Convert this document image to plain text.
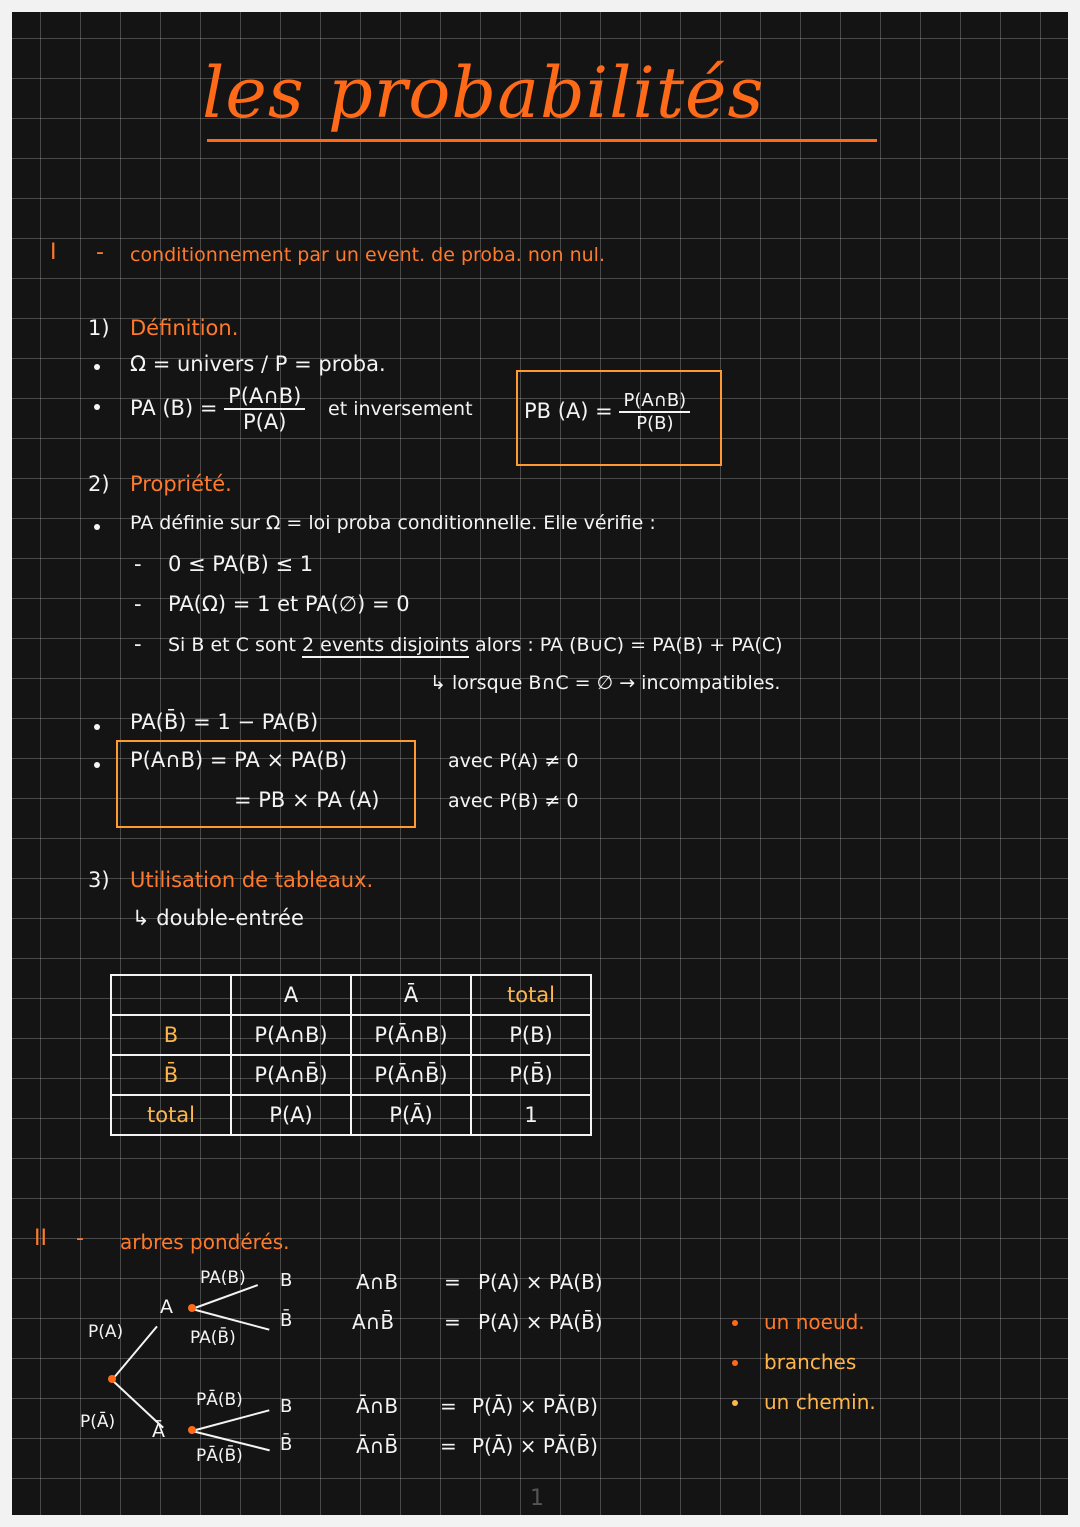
les probabilités
I - conditionnement par un event. de proba. non nul.
1) Définition.
Ω = univers / P = proba.
PA $(B) = \frac{P(A\cap B)}{P(A)}$ et inversement PB $(A) = \frac{P(A\cap B)}{P(B)}$
2) Propriété.
PA définie sur Ω = loi proba conditionnelle. Elle vérifie :
- 0 ≤ PA(B) ≤ 1
- PA(Ω) = 1 et PA(∅) = 0
- Si B et C sont 2 events disjoints alors : PA (B∪C) = PA(B) + PA(C)
↳ lorsque B∩C = ∅ → incompatibles.
PA(B̄) = 1 − PA(B)
P(A∩B) = PA × PA(B)
= PB × PA (A)
avec P(A) ≠ 0
avec P(B) ≠ 0
3) Utilisation de tableaux.
↳ double-entrée
	A	Ā	total
B	P(A∩B)	P(Ā∩B)	P(B)
B̄	P(A∩B̄)	P(Ā∩B̄)	P(B̄)
total	P(A)	P(Ā)	1
II - arbres pondérés.
P(A)
P(Ā)
A
Ā
PA(B)
PA(B̄)
PĀ(B)
PĀ(B̄)
B
B̄
B
B̄
A∩B = P(A) × PA(B)
A∩B̄ = P(A) × PA(B̄)
Ā∩B = P(Ā) × PĀ(B)
Ā∩B̄ = P(Ā) × PĀ(B̄)
un noeud.
branches
un chemin.
1
